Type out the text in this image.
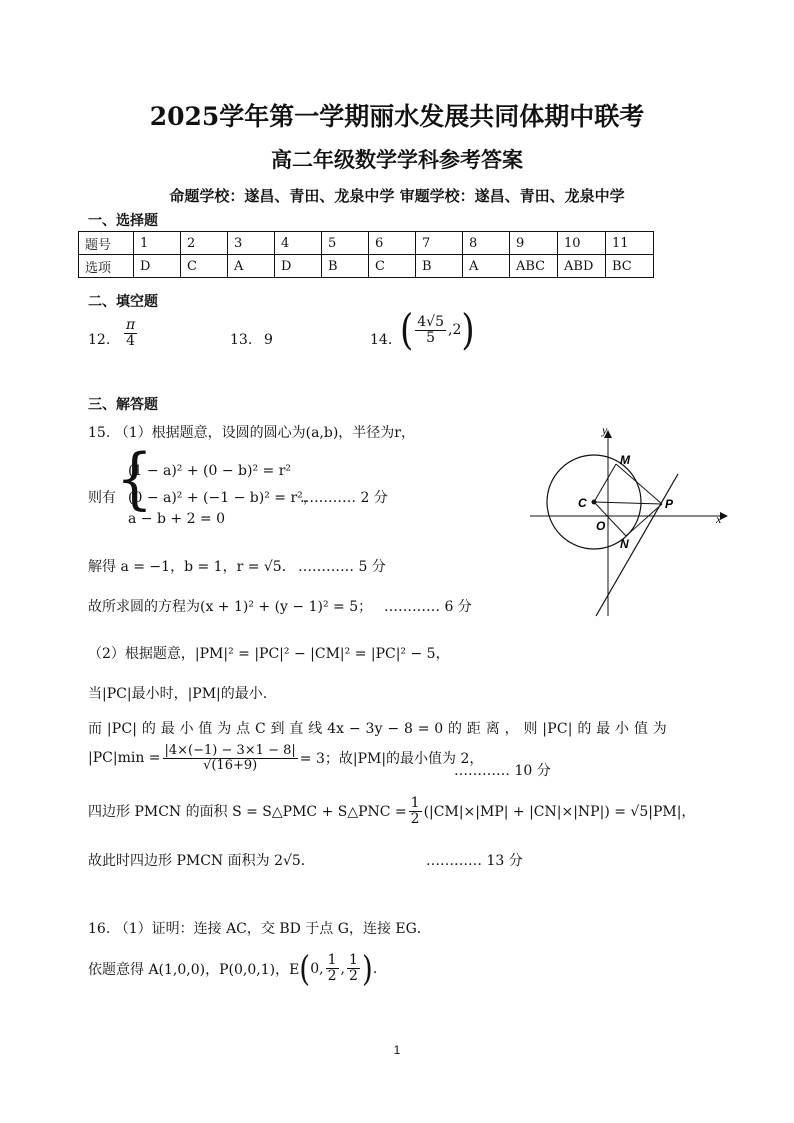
2025学年第一学期丽水发展共同体期中联考
高二年级数学学科参考答案
命题学校：遂昌、青田、龙泉中学 审题学校：遂昌、青田、龙泉中学
一、选择题
题号	1	2	3	4	5	6	7	8	9	10	11
选项	D	C	A	D	B	C	B	A	ABC	ABD	BC
二、填空题
12. $\frac{\pi}{4}$	13. 9	14. ( $\frac{4√5}{5} ,2$)
三、解答题
15. （1）根据题意，设圆的圆心为(a,b)，半径为r，
则有 {
(1 − a)² + (0 − b)² = r²
(0 − a)² + (−1 − b)² = r²，
a − b + 2 = 0
………… 2 分
解得 a = −1，b = 1，r = √5． ………… 5 分
故所求圆的方程为(x + 1)² + (y − 1)² = 5； ………… 6 分
x
y
O
C
M
N
P
（2）根据题意，|PM|² = |PC|² − |CM|² = |PC|² − 5，
当|PC|最小时，|PM|的最小.
而 |PC| 的 最 小 值 为 点 C 到 直 线 4x − 3y − 8 = 0 的 距 离 ， 则 |PC| 的 最 小 值 为
$|PC|\min = \frac{|4\times(-1) - 3\times 1 - 8|}{√(16+9)} = 3$；故|PM|的最小值为 2，
………… 10 分
四边形 PMCN 的面积 S = S△PMC + S△PNC = $\frac{1}{2} (|CM|\times|MP| + |CN|\times|NP|) = √5|PM|$，
故此时四边形 PMCN 面积为 2√5．	………… 13 分
16. （1）证明：连接 AC，交 BD 于点 G，连接 EG．
依题意得 A(1,0,0)，P(0,0,1)，E ( 0, $\frac{1}{2}$ , $\frac{1}{2}$ ) .
1
